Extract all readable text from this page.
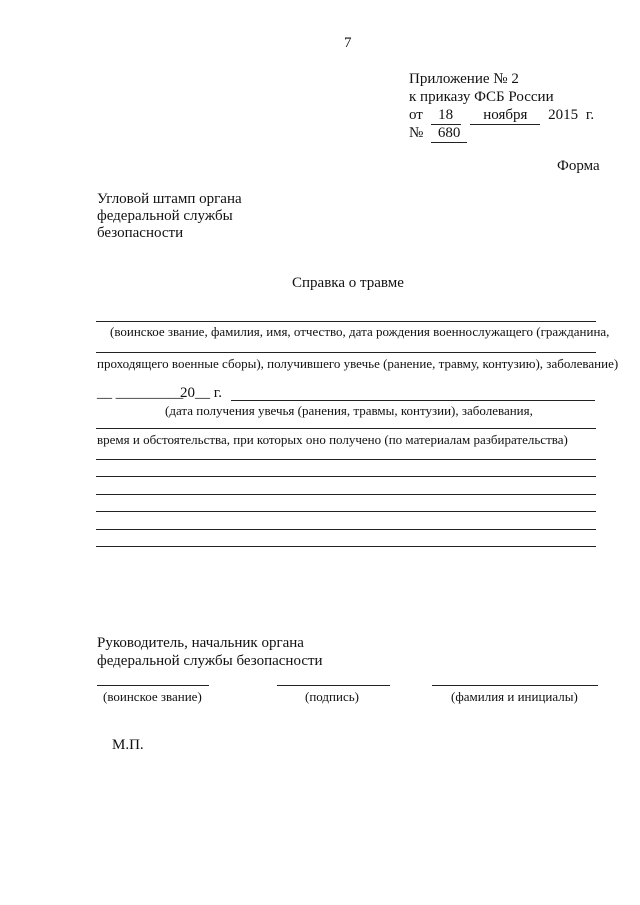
7
Приложение № 2
к приказу ФСБ России
от 18 ноября 2015 г.
№ 680
Форма
Угловой штамп органа
федеральной службы
безопасности
Справка о травме
(воинское звание, фамилия, имя, отчество, дата рождения военнослужащего (гражданина,
проходящего военные сборы), получившего увечье (ранение, травму, контузию), заболевание)
__ _________
20__ г.
(дата получения увечья (ранения, травмы, контузии), заболевания,
время и обстоятельства, при которых оно получено (по материалам разбирательства)
Руководитель, начальник органа
федеральной службы безопасности
(воинское звание)	(подпись)	(фамилия и инициалы)
М.П.
